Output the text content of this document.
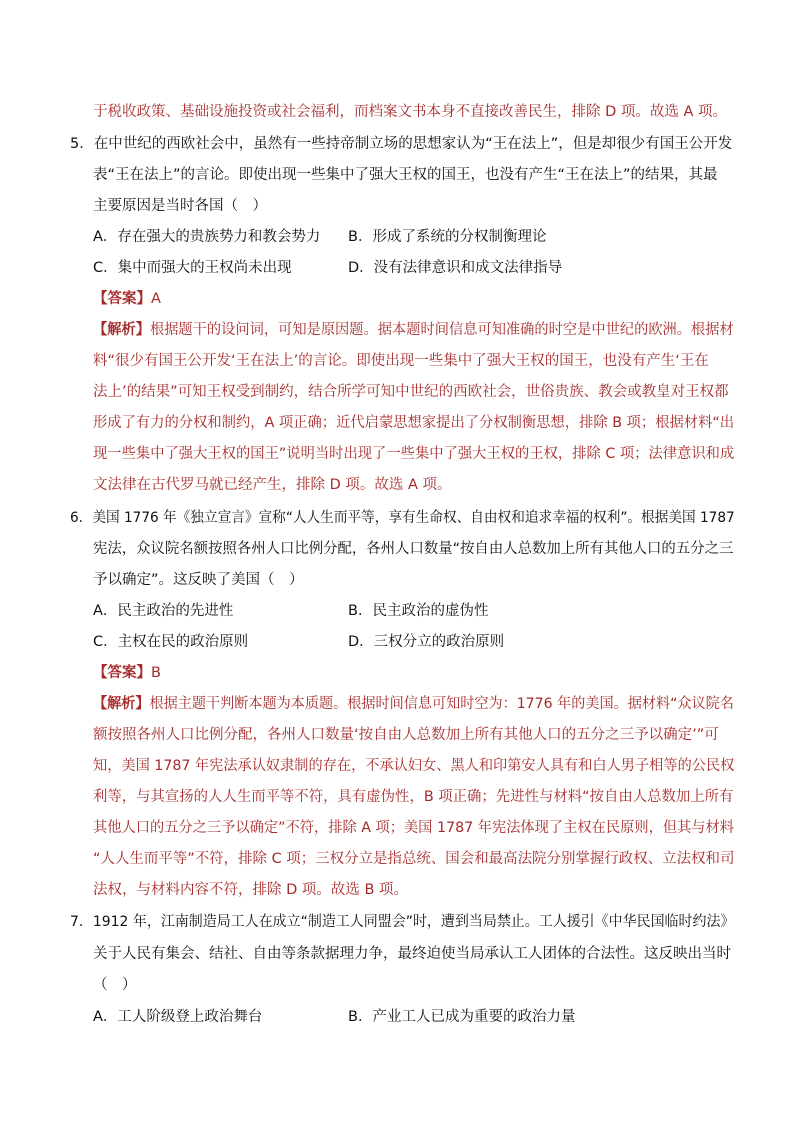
于税收政策、基础设施投资或社会福利，而档案文书本身不直接改善民生，排除 D 项。故选 A 项。
5．在中世纪的西欧社会中，虽然有一些持帝制立场的思想家认为“王在法上”，但是却很少有国王公开发
表“王在法上”的言论。即使出现一些集中了强大王权的国王，也没有产生“王在法上”的结果，其最
主要原因是当时各国（　）
A．存在强大的贵族势力和教会势力 B．形成了系统的分权制衡理论
C．集中而强大的王权尚未出现	D．没有法律意识和成文法律指导
【答案】A
【解析】根据题干的设问词，可知是原因题。据本题时间信息可知准确的时空是中世纪的欧洲。根据材
料“很少有国王公开发‘王在法上’的言论。即使出现一些集中了强大王权的国王，也没有产生‘王在
法上’的结果”可知王权受到制约，结合所学可知中世纪的西欧社会，世俗贵族、教会或教皇对王权都
形成了有力的分权和制约，A 项正确；近代启蒙思想家提出了分权制衡思想，排除 B 项；根据材料“出
现一些集中了强大王权的国王”说明当时出现了一些集中了强大王权的王权，排除 C 项；法律意识和成
文法律在古代罗马就已经产生，排除 D 项。故选 A 项。
6．美国 1776 年《独立宣言》宣称“人人生而平等，享有生命权、自由权和追求幸福的权利”。根据美国 1787
宪法，众议院名额按照各州人口比例分配，各州人口数量“按自由人总数加上所有其他人口的五分之三
予以确定”。这反映了美国（　）
A．民主政治的先进性	B．民主政治的虚伪性
C．主权在民的政治原则	D．三权分立的政治原则
【答案】B
【解析】根据主题干判断本题为本质题。根据时间信息可知时空为：1776 年的美国。据材料“众议院名
额按照各州人口比例分配，各州人口数量‘按自由人总数加上所有其他人口的五分之三予以确定’”可
知，美国 1787 年宪法承认奴隶制的存在，不承认妇女、黑人和印第安人具有和白人男子相等的公民权
利等，与其宣扬的人人生而平等不符，具有虚伪性，B 项正确；先进性与材料“按自由人总数加上所有
其他人口的五分之三予以确定”不符，排除 A 项；美国 1787 年宪法体现了主权在民原则，但其与材料
“人人生而平等”不符，排除 C 项；三权分立是指总统、国会和最高法院分别掌握行政权、立法权和司
法权，与材料内容不符，排除 D 项。故选 B 项。
7．1912 年，江南制造局工人在成立“制造工人同盟会”时，遭到当局禁止。工人援引《中华民国临时约法》
关于人民有集会、结社、自由等条款据理力争，最终迫使当局承认工人团体的合法性。这反映出当时
（　）
A．工人阶级登上政治舞台	B．产业工人已成为重要的政治力量
